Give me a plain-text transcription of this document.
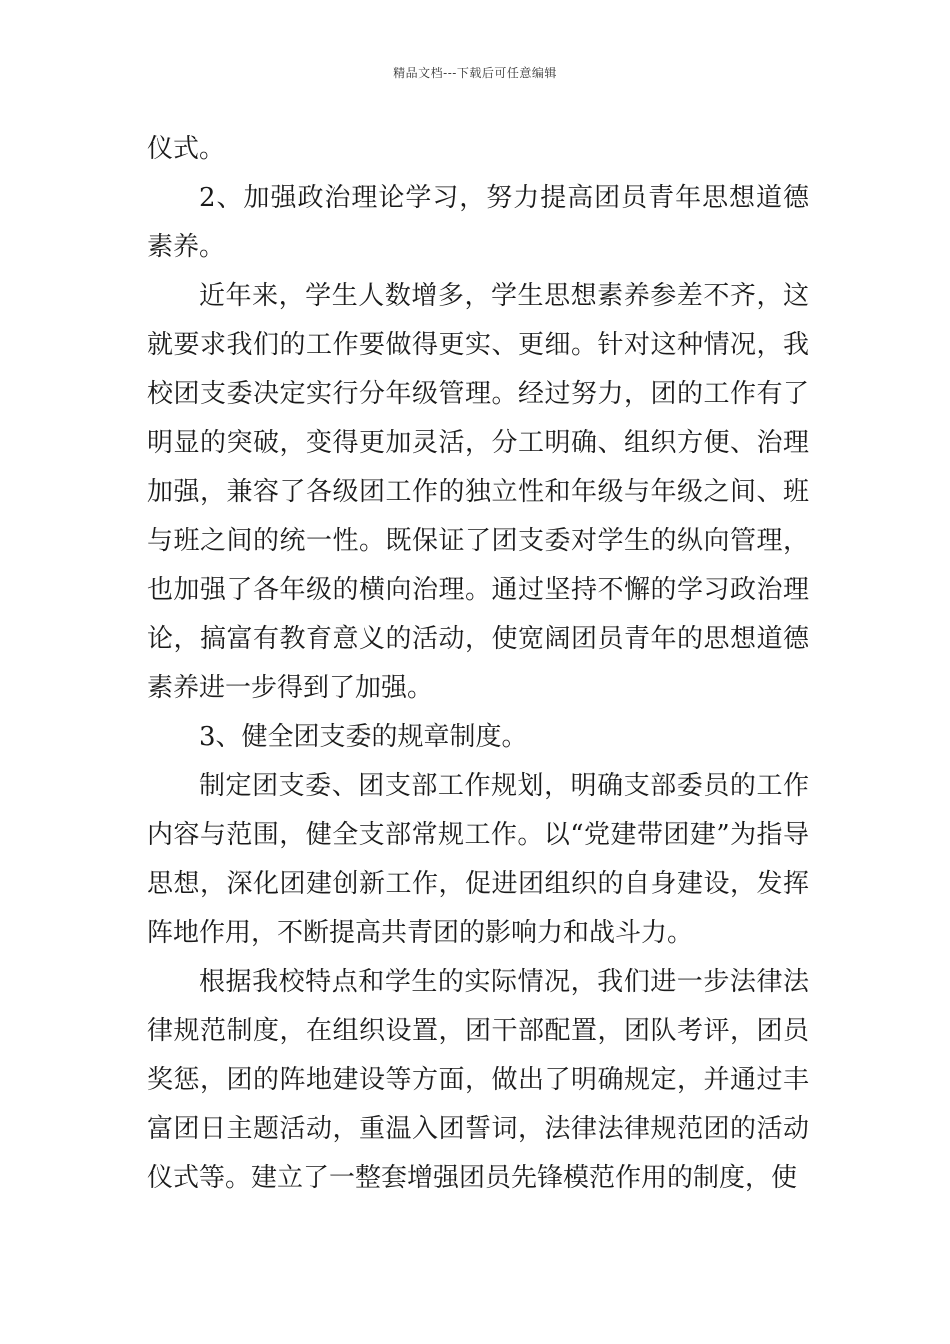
精品文档---下载后可任意编辑

仪式。

2、加强政治理论学习，努力提高团员青年思想道德素养。

近年来，学生人数增多，学生思想素养参差不齐，这就要求我们的工作要做得更实、更细。针对这种情况，我校团支委决定实行分年级管理。经过努力，团的工作有了明显的突破，变得更加灵活，分工明确、组织方便、治理加强，兼容了各级团工作的独立性和年级与年级之间、班与班之间的统一性。既保证了团支委对学生的纵向管理，也加强了各年级的横向治理。通过坚持不懈的学习政治理论，搞富有教育意义的活动，使宽阔团员青年的思想道德素养进一步得到了加强。

3、健全团支委的规章制度。

制定团支委、团支部工作规划，明确支部委员的工作内容与范围，健全支部常规工作。以“党建带团建”为指导思想，深化团建创新工作，促进团组织的自身建设，发挥阵地作用，不断提高共青团的影响力和战斗力。

根据我校特点和学生的实际情况，我们进一步法律法律规范制度，在组织设置，团干部配置，团队考评，团员奖惩，团的阵地建设等方面，做出了明确规定，并通过丰富团日主题活动，重温入团誓词，法律法律规范团的活动仪式等。建立了一整套增强团员先锋模范作用的制度，使
